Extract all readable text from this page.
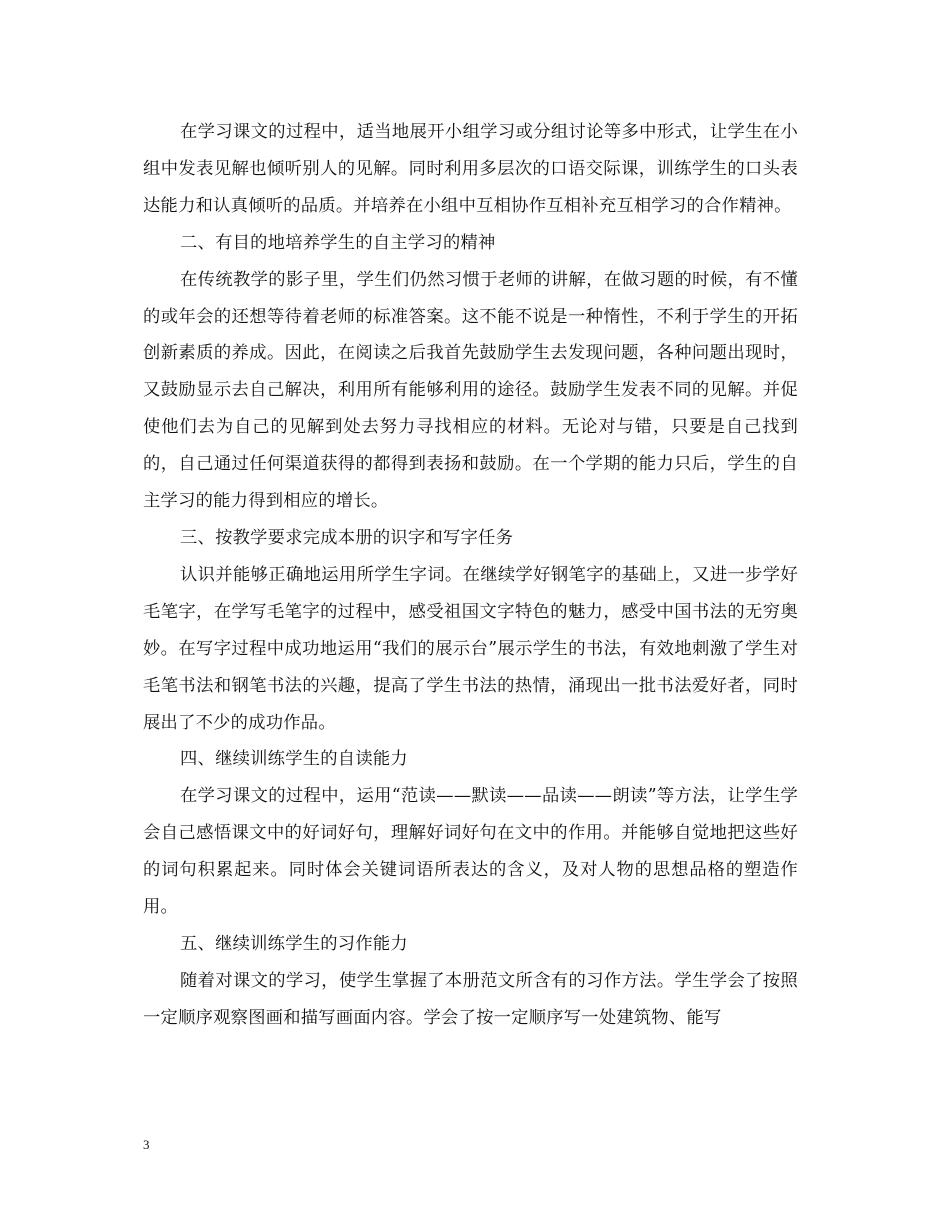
在学习课文的过程中，适当地展开小组学习或分组讨论等多中形式，让学生在小组中发表见解也倾听别人的见解。同时利用多层次的口语交际课，训练学生的口头表达能力和认真倾听的品质。并培养在小组中互相协作互相补充互相学习的合作精神。

二、有目的地培养学生的自主学习的精神

在传统教学的影子里，学生们仍然习惯于老师的讲解，在做习题的时候，有不懂的或年会的还想等待着老师的标准答案。这不能不说是一种惰性，不利于学生的开拓创新素质的养成。因此，在阅读之后我首先鼓励学生去发现问题，各种问题出现时，又鼓励显示去自己解决，利用所有能够利用的途径。鼓励学生发表不同的见解。并促使他们去为自己的见解到处去努力寻找相应的材料。无论对与错，只要是自己找到的，自己通过任何渠道获得的都得到表扬和鼓励。在一个学期的能力只后，学生的自主学习的能力得到相应的增长。

三、按教学要求完成本册的识字和写字任务

认识并能够正确地运用所学生字词。在继续学好钢笔字的基础上，又进一步学好毛笔字，在学写毛笔字的过程中，感受祖国文字特色的魅力，感受中国书法的无穷奥妙。在写字过程中成功地运用“我们的展示台”展示学生的书法，有效地刺激了学生对毛笔书法和钢笔书法的兴趣，提高了学生书法的热情，涌现出一批书法爱好者，同时展出了不少的成功作品。

四、继续训练学生的自读能力

在学习课文的过程中，运用“范读——默读——品读——朗读”等方法，让学生学会自己感悟课文中的好词好句，理解好词好句在文中的作用。并能够自觉地把这些好的词句积累起来。同时体会关键词语所表达的含义，及对人物的思想品格的塑造作用。

五、继续训练学生的习作能力

随着对课文的学习，使学生掌握了本册范文所含有的习作方法。学生学会了按照一定顺序观察图画和描写画面内容。学会了按一定顺序写一处建筑物、能写

3
